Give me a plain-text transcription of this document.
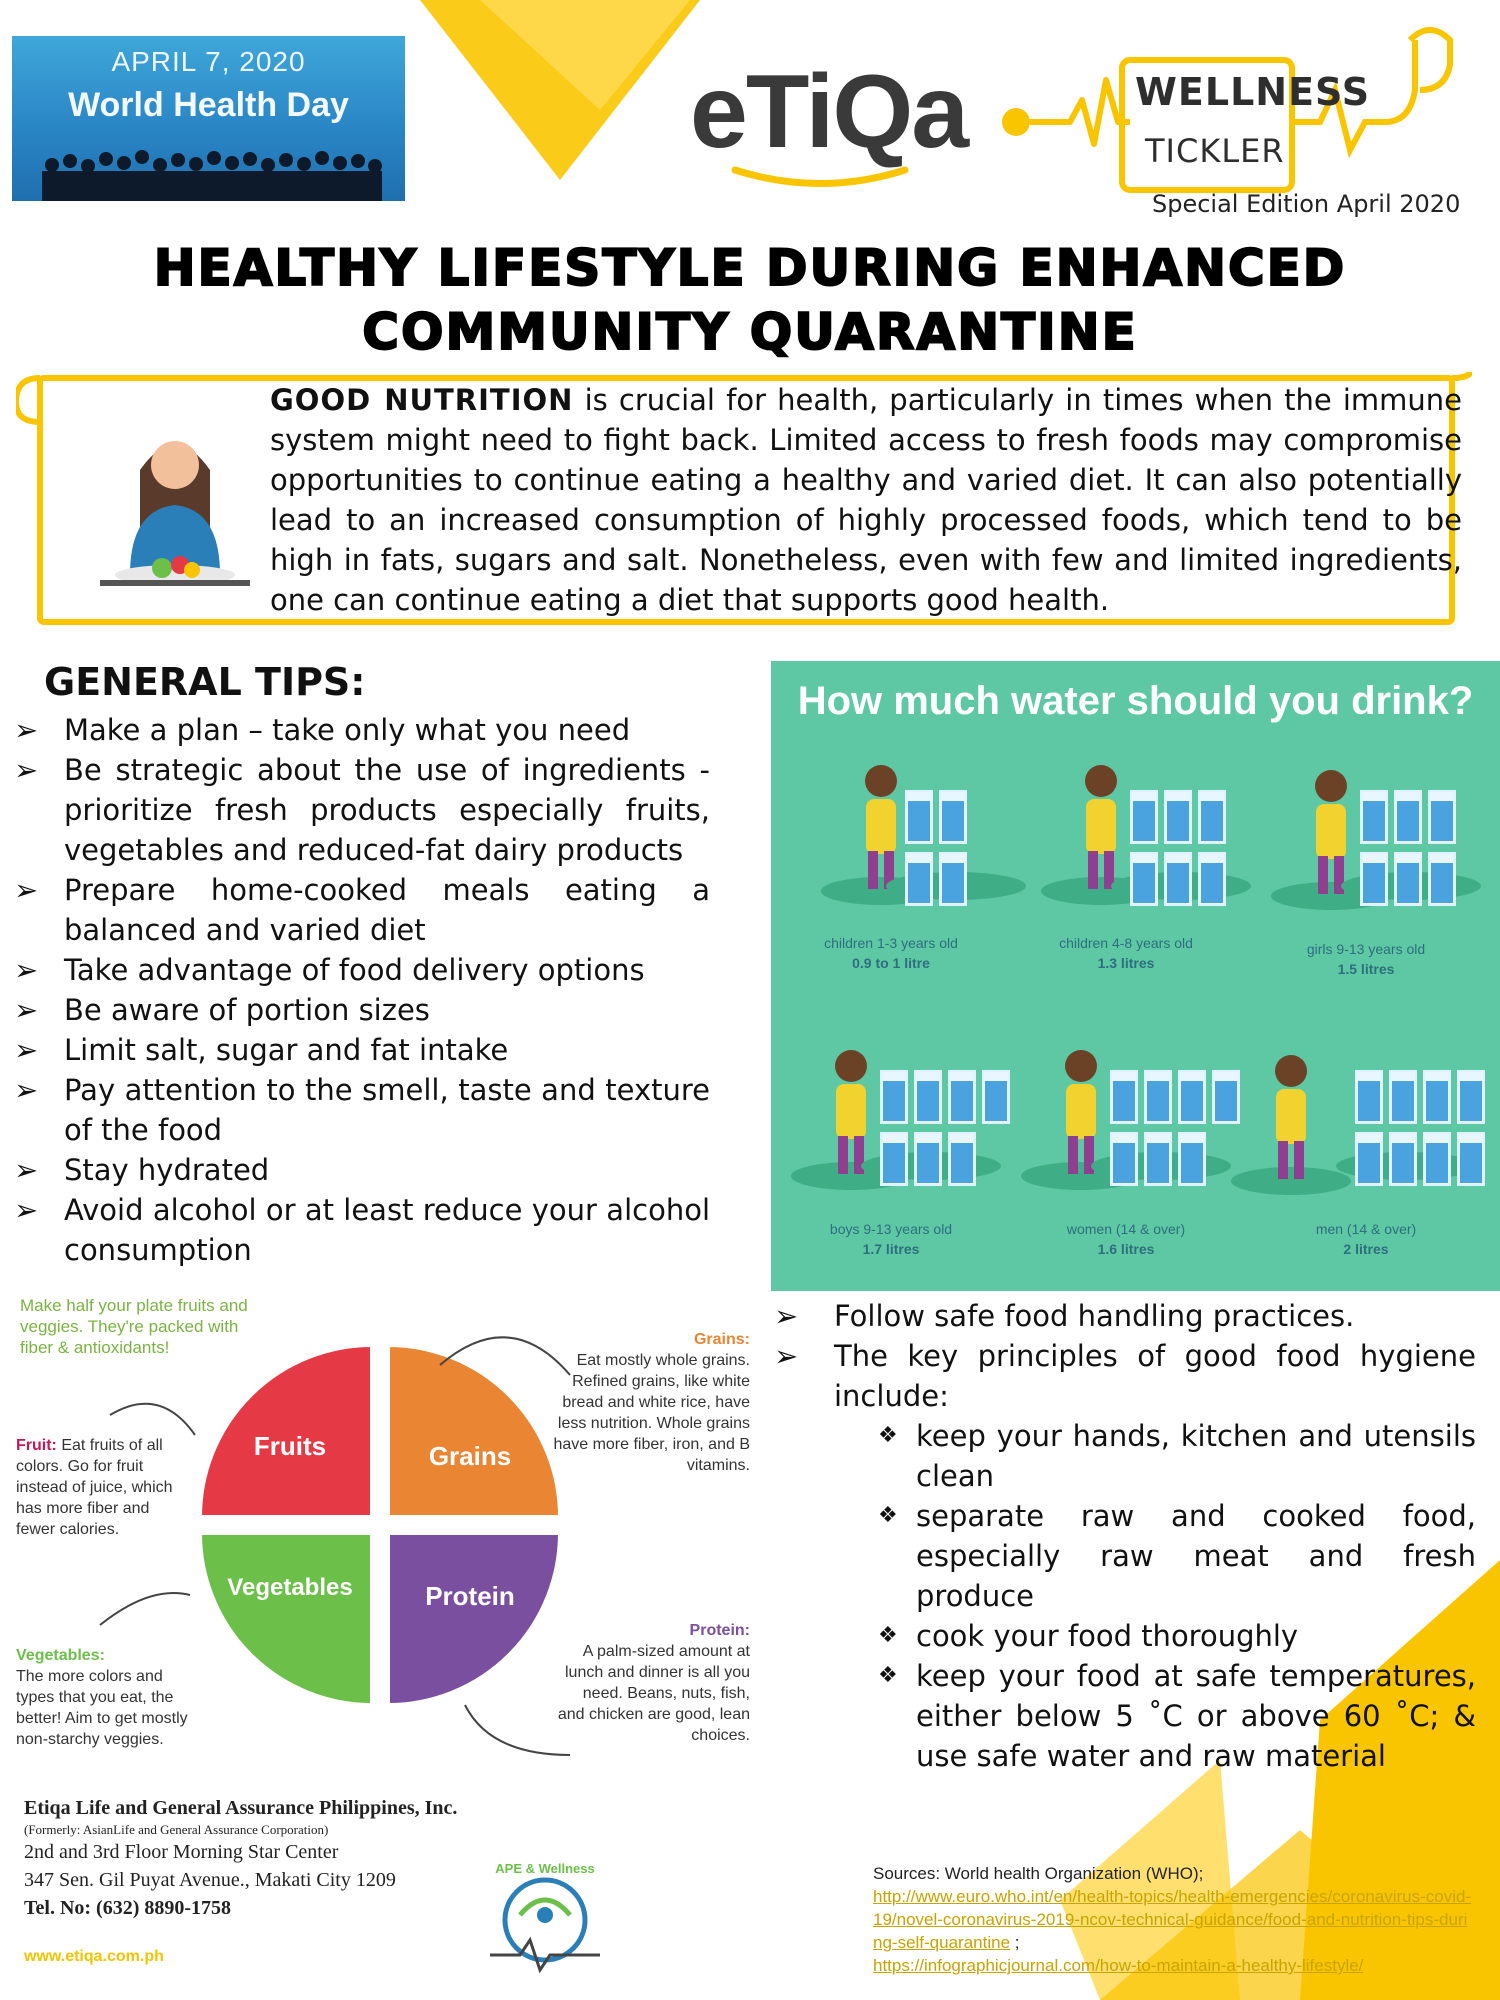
APRIL 7, 2020
World Health Day	eTiQa	WELLNESS
TICKLER
Special Edition April 2020
HEALTHY LIFESTYLE DURING ENHANCED
COMMUNITY QUARANTINE
GOOD NUTRITION is crucial for health, particularly in times when the immune system might need to fight back. Limited access to fresh foods may compromise opportunities to continue eating a healthy and varied diet. It can also potentially lead to an increased consumption of highly processed foods, which tend to be high in fats, sugars and salt. Nonetheless, even with few and limited ingredients, one can continue eating a diet that supports good health.
GENERAL TIPS:
➢ Make a plan – take only what you need
➢ Be strategic about the use of ingredients - prioritize fresh products especially fruits, vegetables and reduced-fat dairy products
➢ Prepare home-cooked meals eating a balanced and varied diet
➢ Take advantage of food delivery options
➢ Be aware of portion sizes
➢ Limit salt, sugar and fat intake
➢ Pay attention to the smell, taste and texture of the food
➢ Stay hydrated
➢ Avoid alcohol or at least reduce your alcohol consumption
How much water should you drink?
children 1-3 years old
0.9 to 1 litre
children 4-8 years old
1.3 litres
girls 9-13 years old
1.5 litres
boys 9-13 years old
1.7 litres
women (14 & over)
1.6 litres
men (14 & over)
2 litres
Make half your plate fruits and veggies. They're packed with fiber & antioxidants!
Fruit: Eat fruits of all colors. Go for fruit instead of juice, which has more fiber and fewer calories.
Grains:
Eat mostly whole grains. Refined grains, like white bread and white rice, have less nutrition. Whole grains have more fiber, iron, and B vitamins.
Vegetables:
The more colors and types that you eat, the better! Aim to get mostly non-starchy veggies.
Protein:
A palm-sized amount at lunch and dinner is all you need. Beans, nuts, fish, and chicken are good, lean choices.
Fruits	Grains
Vegetables	Protein
➢ Follow safe food handling practices.
➢ The key principles of good food hygiene include:
❖ keep your hands, kitchen and utensils clean
❖ separate raw and cooked food, especially raw meat and fresh produce
❖ cook your food thoroughly
❖ keep your food at safe temperatures, either below 5 ˚C or above 60 ˚C; & use safe water and raw material
Etiqa Life and General Assurance Philippines, Inc.
(Formerly: AsianLife and General Assurance Corporation)
2nd and 3rd Floor Morning Star Center
347 Sen. Gil Puyat Avenue., Makati City 1209
Tel. No: (632) 8890-1758
www.etiqa.com.ph
APE & Wellness	Sources: World health Organization (WHO);
http://www.euro.who.int/en/health-topics/health-emergencies/coronavirus-covid-19/novel-coronavirus-2019-ncov-technical-guidance/food-and-nutrition-tips-during-self-quarantine ;
https://infographicjournal.com/how-to-maintain-a-healthy-lifestyle/
